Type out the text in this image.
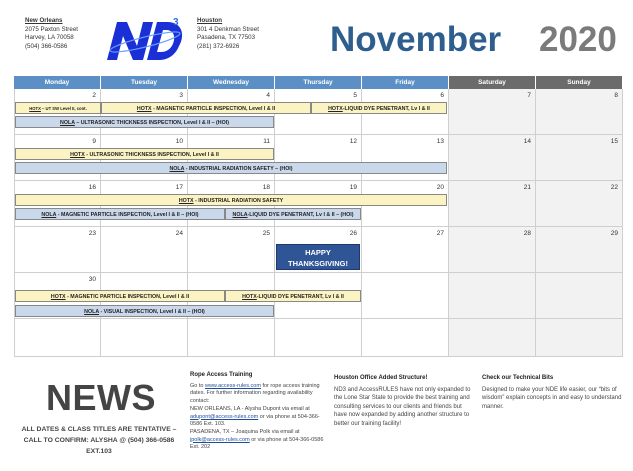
New Orleans
2075 Paxton Street
Harvey, LA 70058
(504) 366-0586
3	Houston
301 4 Denkman Street
Pasadena, TX 77503
(281) 372-6926	November 2020
Monday	Tuesday	Wednesday	Thursday	Friday	Saturday	Sunday
2	3	4	5	6	7	8
HOTX – UT SW Level II, cont.	HOTX - MAGNETIC PARTICLE INSPECTION, Level I & II	HOTX-LIQUID DYE PENETRANT, Lv I & II
NOLA – ULTRASONIC THICKNESS INSPECTION, Level I & II – (HOI)
9	10	11	12	13	14	15
HOTX - ULTRASONIC THICKNESS INSPECTION, Level I & II
NOLA - INDUSTRIAL RADIATION SAFETY – (HOI)
16	17	18	19	20	21	22
HOTX - INDUSTRIAL RADIATION SAFETY
NOLA - MAGNETIC PARTICLE INSPECTION, Level I & II – (HOI)	NOLA-LIQUID DYE PENETRANT, Lv I & II – (HOI)
23	24	25	26	27	28	29
HAPPY
THANKSGIVING!
30
HOTX - MAGNETIC PARTICLE INSPECTION, Level I & II	HOTX-LIQUID DYE PENETRANT, Lv I & II
NOLA - VISUAL INSPECTION, Level I & II – (HOI)
NEWS
ALL DATES & CLASS TITLES ARE TENTATIVE – CALL TO CONFIRM: ALYSHA @ (504) 366-0586 EXT.103
Rope Access Training
Go to www.access-rules.com for rope access training dates. For further information regarding availability contact:
NEW ORLEANS, LA - Alysha Dupont via email at adupont@access-rules.com or via phone at 504-366-0586 Ext. 103.
PASADENA, TX – Joaquina Polk via email at jpolk@access-rules.com or via phone at 504-366-0586 Ext. 202
Houston Office Added Structure!
ND3 and AccessRULES have not only expanded to the Lone Star State to provide the best training and consulting services to our clients and friends but have now expanded by adding another structure to better our training facility!
Check our Technical Bits
Designed to make your NDE life easier, our “bits of wisdom” explain concepts in and easy to understand manner.
